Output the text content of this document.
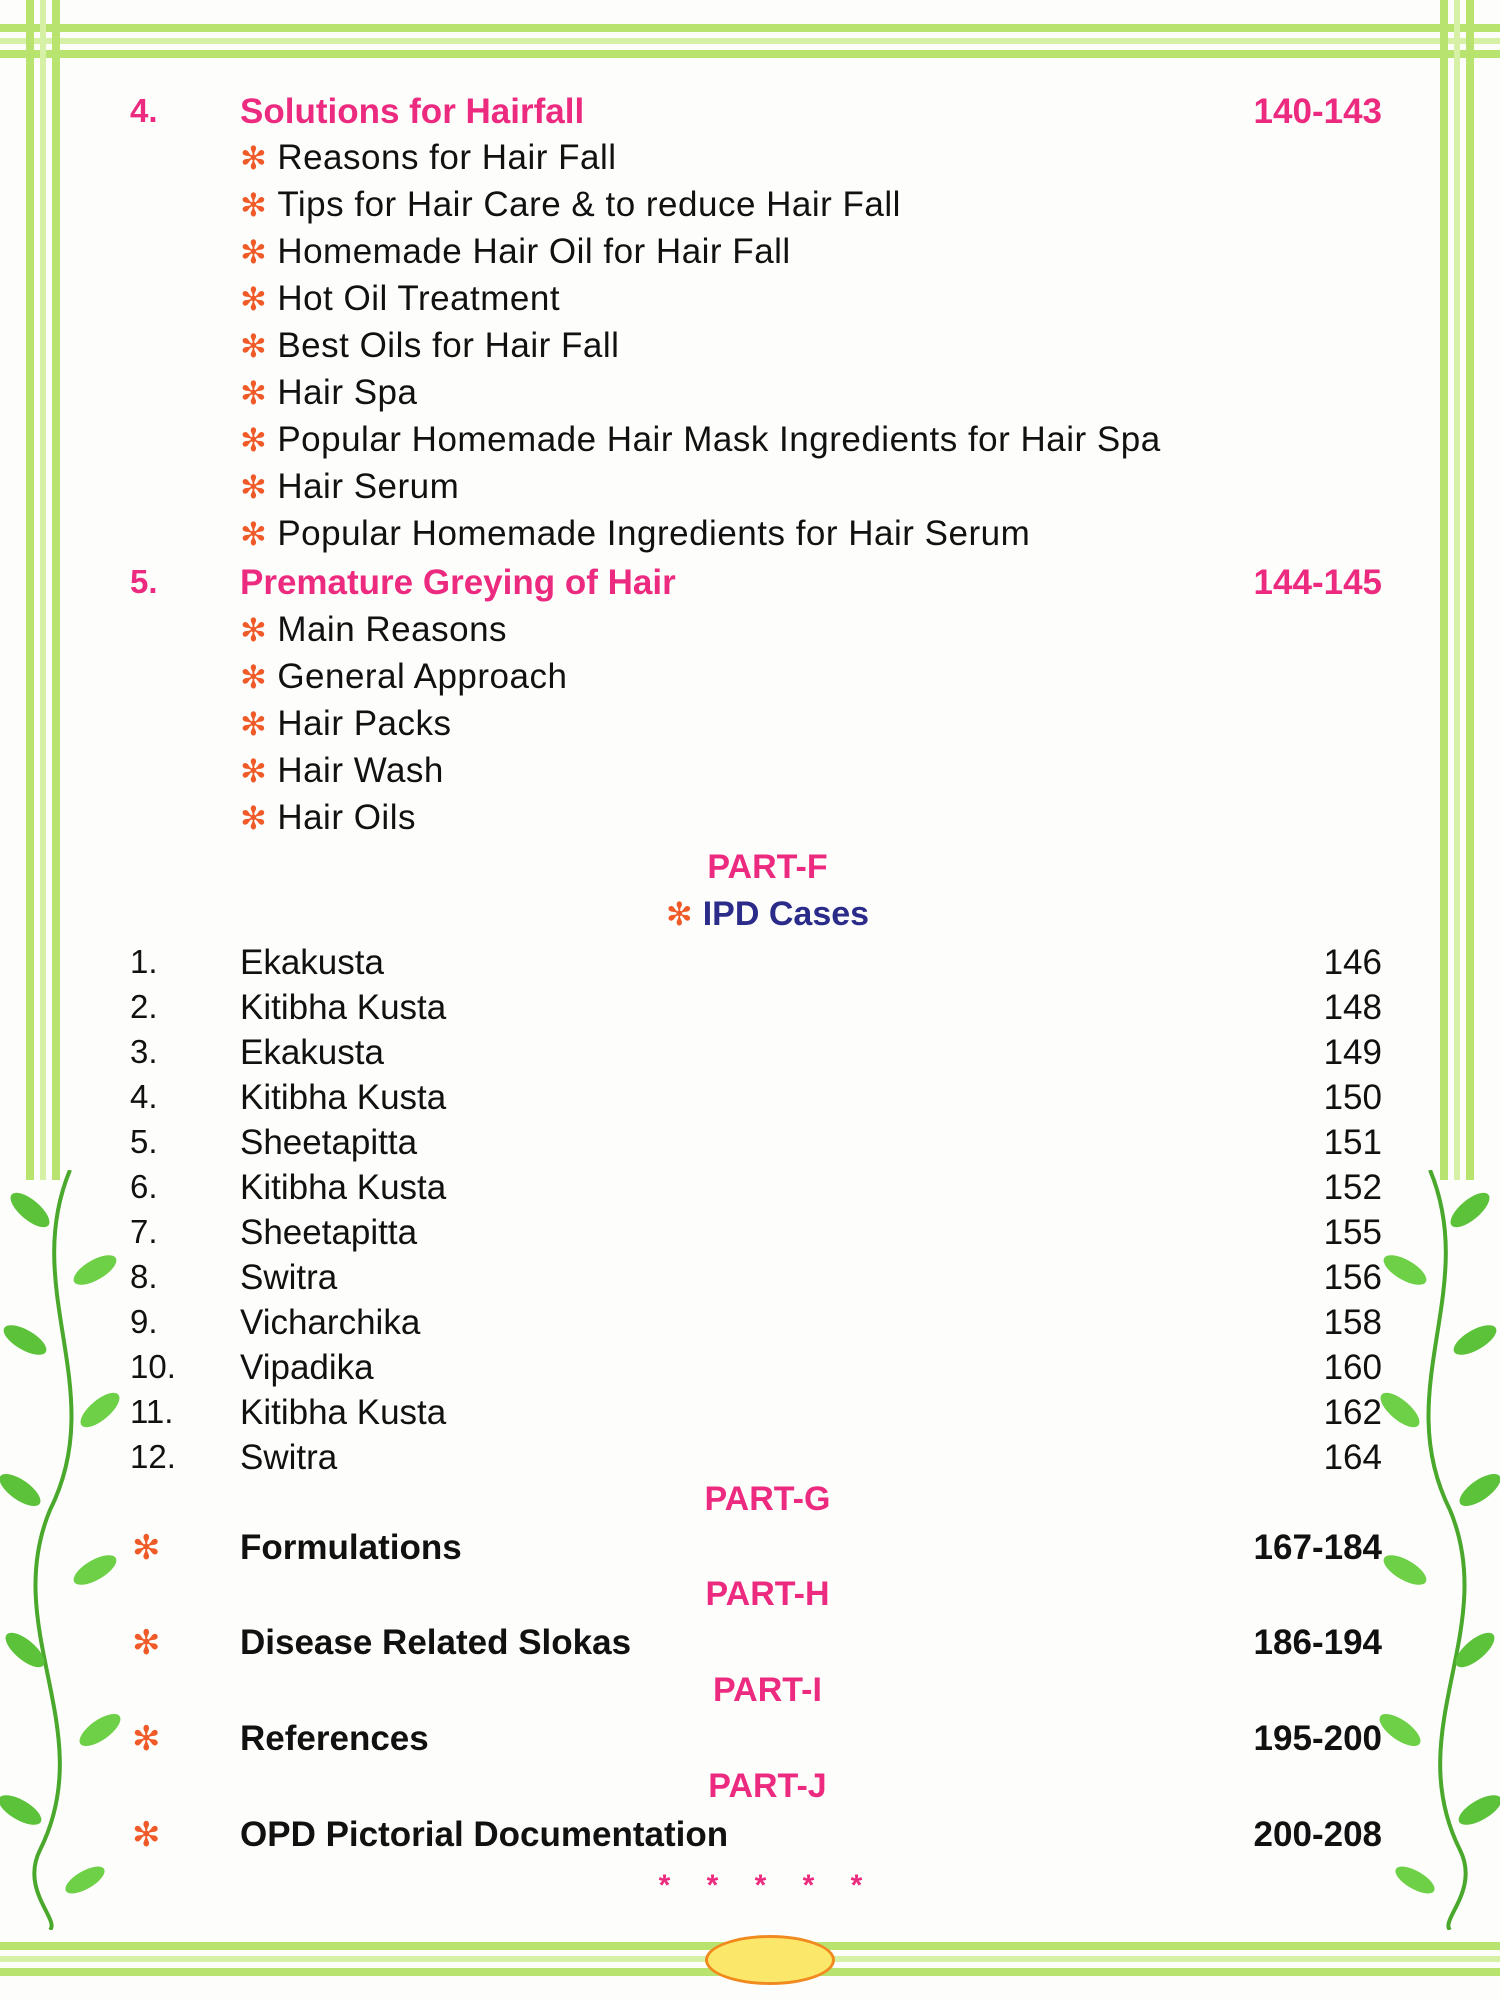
4. Solutions for Hairfall	140-143
✻ Reasons for Hair Fall
✻ Tips for Hair Care & to reduce Hair Fall
✻ Homemade Hair Oil for Hair Fall
✻ Hot Oil Treatment
✻ Best Oils for Hair Fall
✻ Hair Spa
✻ Popular Homemade Hair Mask Ingredients for Hair Spa
✻ Hair Serum
✻ Popular Homemade Ingredients for Hair Serum
5. Premature Greying of Hair	144-145
✻ Main Reasons
✻ General Approach
✻ Hair Packs
✻ Hair Wash
✻ Hair Oils
PART-F
✻ IPD Cases
1. Ekakusta	146
2. Kitibha Kusta	148
3. Ekakusta	149
4. Kitibha Kusta	150
5. Sheetapitta	151
6. Kitibha Kusta	152
7. Sheetapitta	155
8. Switra	156
9. Vicharchika	158
10. Vipadika	160
11. Kitibha Kusta	162
12. Switra	164
PART-G
✻ Formulations	167-184
PART-H
✻ Disease Related Slokas	186-194
PART-I
✻ References	195-200
PART-J
✻ OPD Pictorial Documentation	200-208
* * * * *
